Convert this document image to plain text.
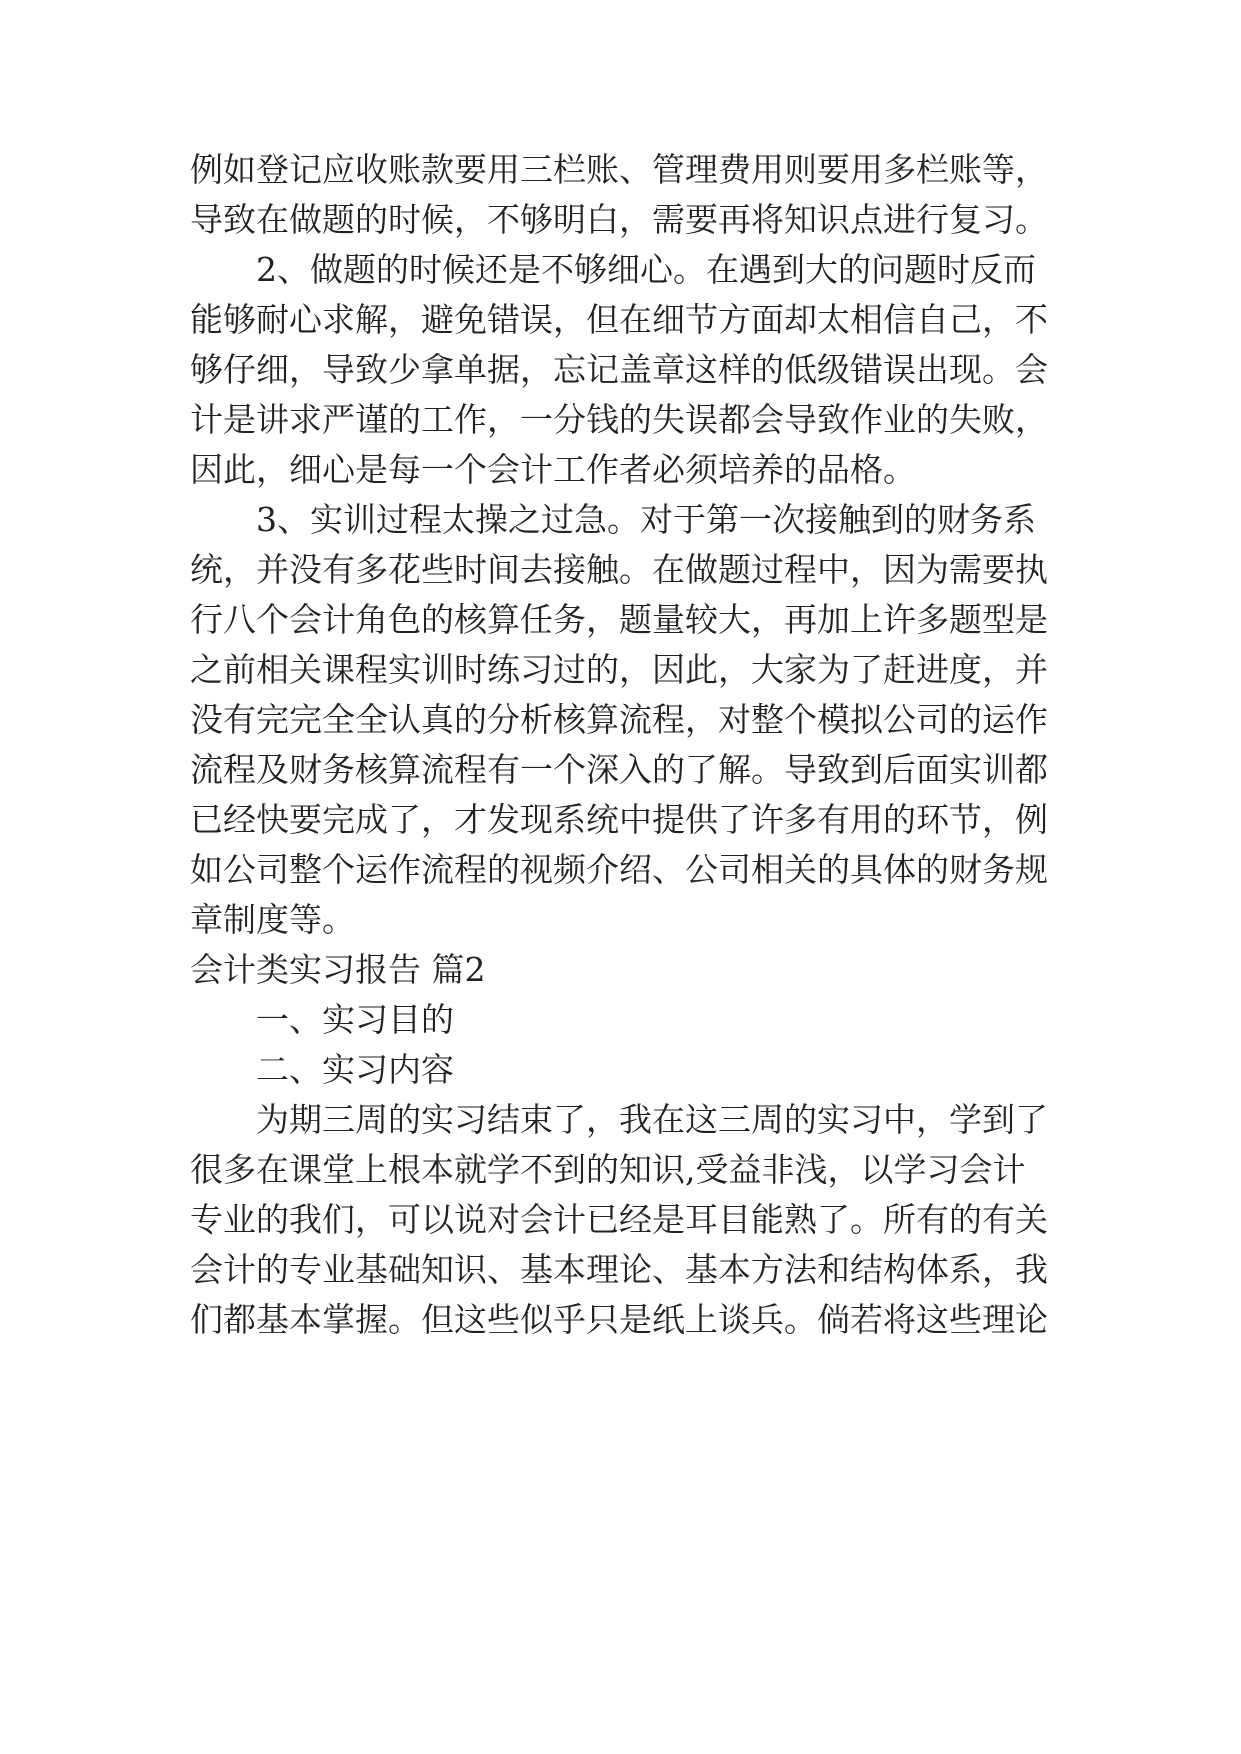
例如登记应收账款要用三栏账、管理费用则要用多栏账等，

导致在做题的时候，不够明白，需要再将知识点进行复习。

2、做题的时候还是不够细心。在遇到大的问题时反而

能够耐心求解，避免错误，但在细节方面却太相信自己，不

够仔细，导致少拿单据，忘记盖章这样的低级错误出现。会

计是讲求严谨的工作，一分钱的失误都会导致作业的失败，

因此，细心是每一个会计工作者必须培养的品格。

3、实训过程太操之过急。对于第一次接触到的财务系

统，并没有多花些时间去接触。在做题过程中，因为需要执

行八个会计角色的核算任务，题量较大，再加上许多题型是

之前相关课程实训时练习过的，因此，大家为了赶进度，并

没有完完全全认真的分析核算流程，对整个模拟公司的运作

流程及财务核算流程有一个深入的了解。导致到后面实训都

已经快要完成了，才发现系统中提供了许多有用的环节，例

如公司整个运作流程的视频介绍、公司相关的具体的财务规

章制度等。

会计类实习报告 篇2

一、实习目的

二、实习内容

为期三周的实习结束了，我在这三周的实习中，学到了

很多在课堂上根本就学不到的知识,受益非浅，以学习会计

专业的我们，可以说对会计已经是耳目能熟了。所有的有关

会计的专业基础知识、基本理论、基本方法和结构体系，我

们都基本掌握。但这些似乎只是纸上谈兵。倘若将这些理论
